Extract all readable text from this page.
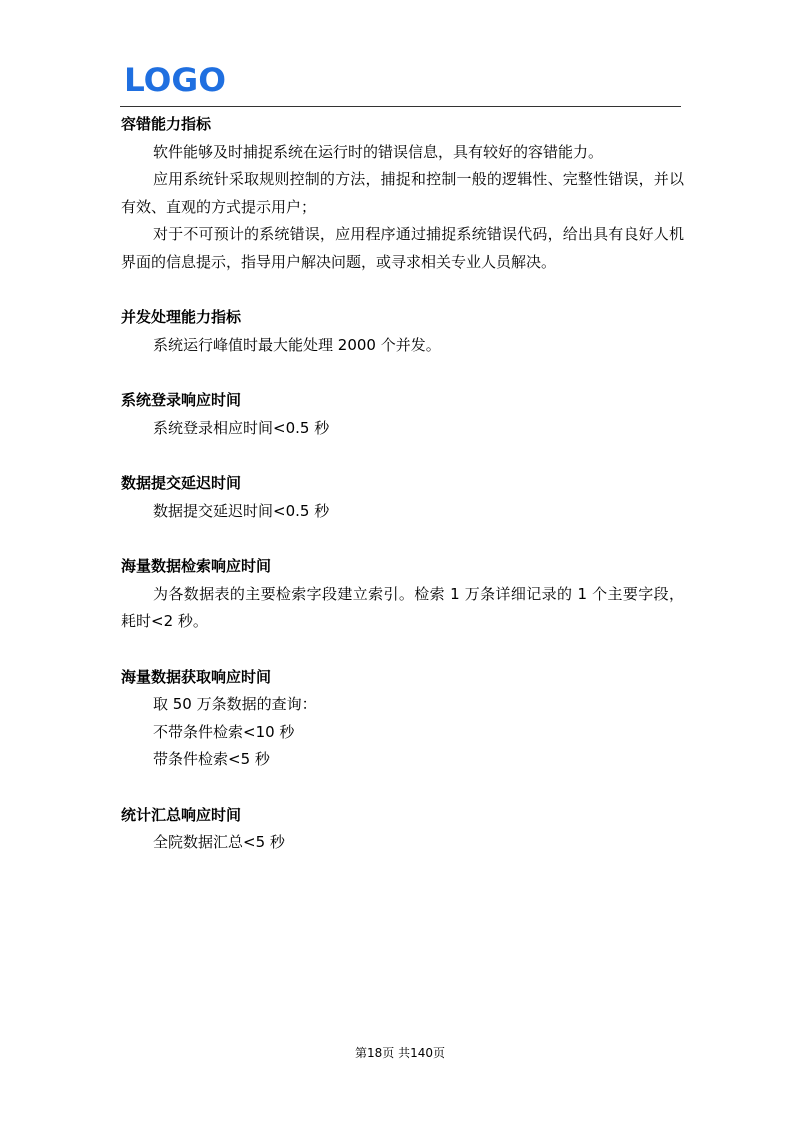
LOGO

容错能力指标

软件能够及时捕捉系统在运行时的错误信息，具有较好的容错能力。

应用系统针采取规则控制的方法，捕捉和控制一般的逻辑性、完整性错误，并以有效、直观的方式提示用户；

对于不可预计的系统错误，应用程序通过捕捉系统错误代码，给出具有良好人机界面的信息提示，指导用户解决问题，或寻求相关专业人员解决。

并发处理能力指标

系统运行峰值时最大能处理 2000 个并发。

系统登录响应时间

系统登录相应时间<0.5 秒

数据提交延迟时间

数据提交延迟时间<0.5 秒

海量数据检索响应时间

为各数据表的主要检索字段建立索引。检索 1 万条详细记录的 1 个主要字段，耗时<2 秒。

海量数据获取响应时间

取 50 万条数据的查询：

不带条件检索<10 秒

带条件检索<5 秒

统计汇总响应时间

全院数据汇总<5 秒

第18页 共140页
